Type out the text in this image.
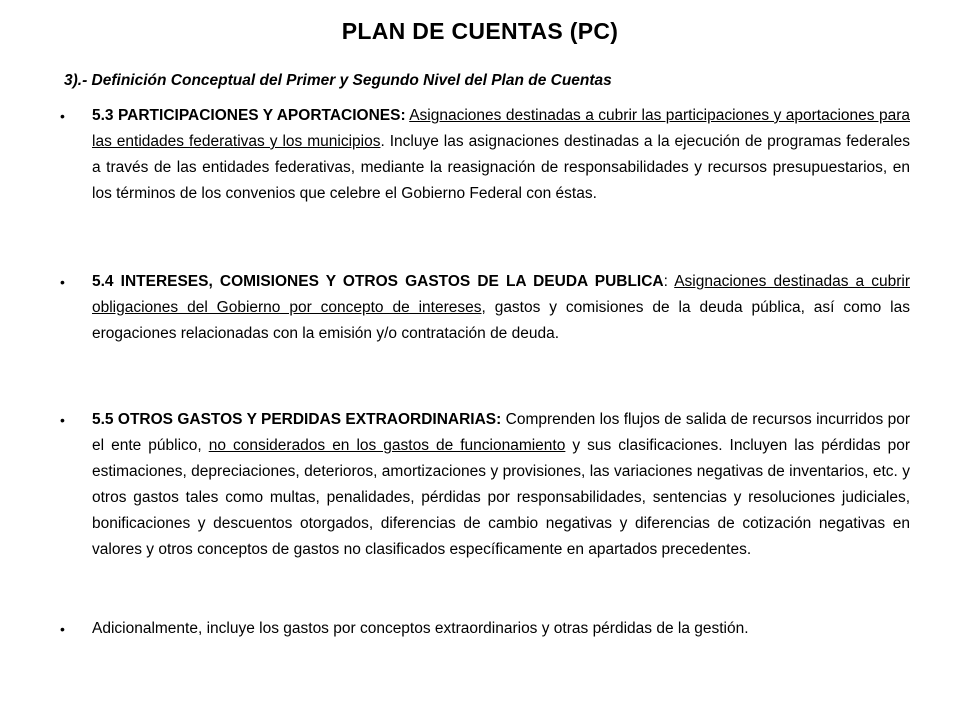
PLAN DE CUENTAS (PC)
3).- Definición Conceptual del Primer y Segundo Nivel del Plan de Cuentas
• 5.3 PARTICIPACIONES Y APORTACIONES: Asignaciones destinadas a cubrir las participaciones y aportaciones para las entidades federativas y los municipios. Incluye las asignaciones destinadas a la ejecución de programas federales a través de las entidades federativas, mediante la reasignación de responsabilidades y recursos presupuestarios, en los términos de los convenios que celebre el Gobierno Federal con éstas.
• 5.4 INTERESES, COMISIONES Y OTROS GASTOS DE LA DEUDA PUBLICA: Asignaciones destinadas a cubrir obligaciones del Gobierno por concepto de intereses, gastos y comisiones de la deuda pública, así como las erogaciones relacionadas con la emisión y/o contratación de deuda.
• 5.5 OTROS GASTOS Y PERDIDAS EXTRAORDINARIAS: Comprenden los flujos de salida de recursos incurridos por el ente público, no considerados en los gastos de funcionamiento y sus clasificaciones. Incluyen las pérdidas por estimaciones, depreciaciones, deterioros, amortizaciones y provisiones, las variaciones negativas de inventarios, etc. y otros gastos tales como multas, penalidades, pérdidas por responsabilidades, sentencias y resoluciones judiciales, bonificaciones y descuentos otorgados, diferencias de cambio negativas y diferencias de cotización negativas en valores y otros conceptos de gastos no clasificados específicamente en apartados precedentes.
• Adicionalmente, incluye los gastos por conceptos extraordinarios y otras pérdidas de la gestión.
